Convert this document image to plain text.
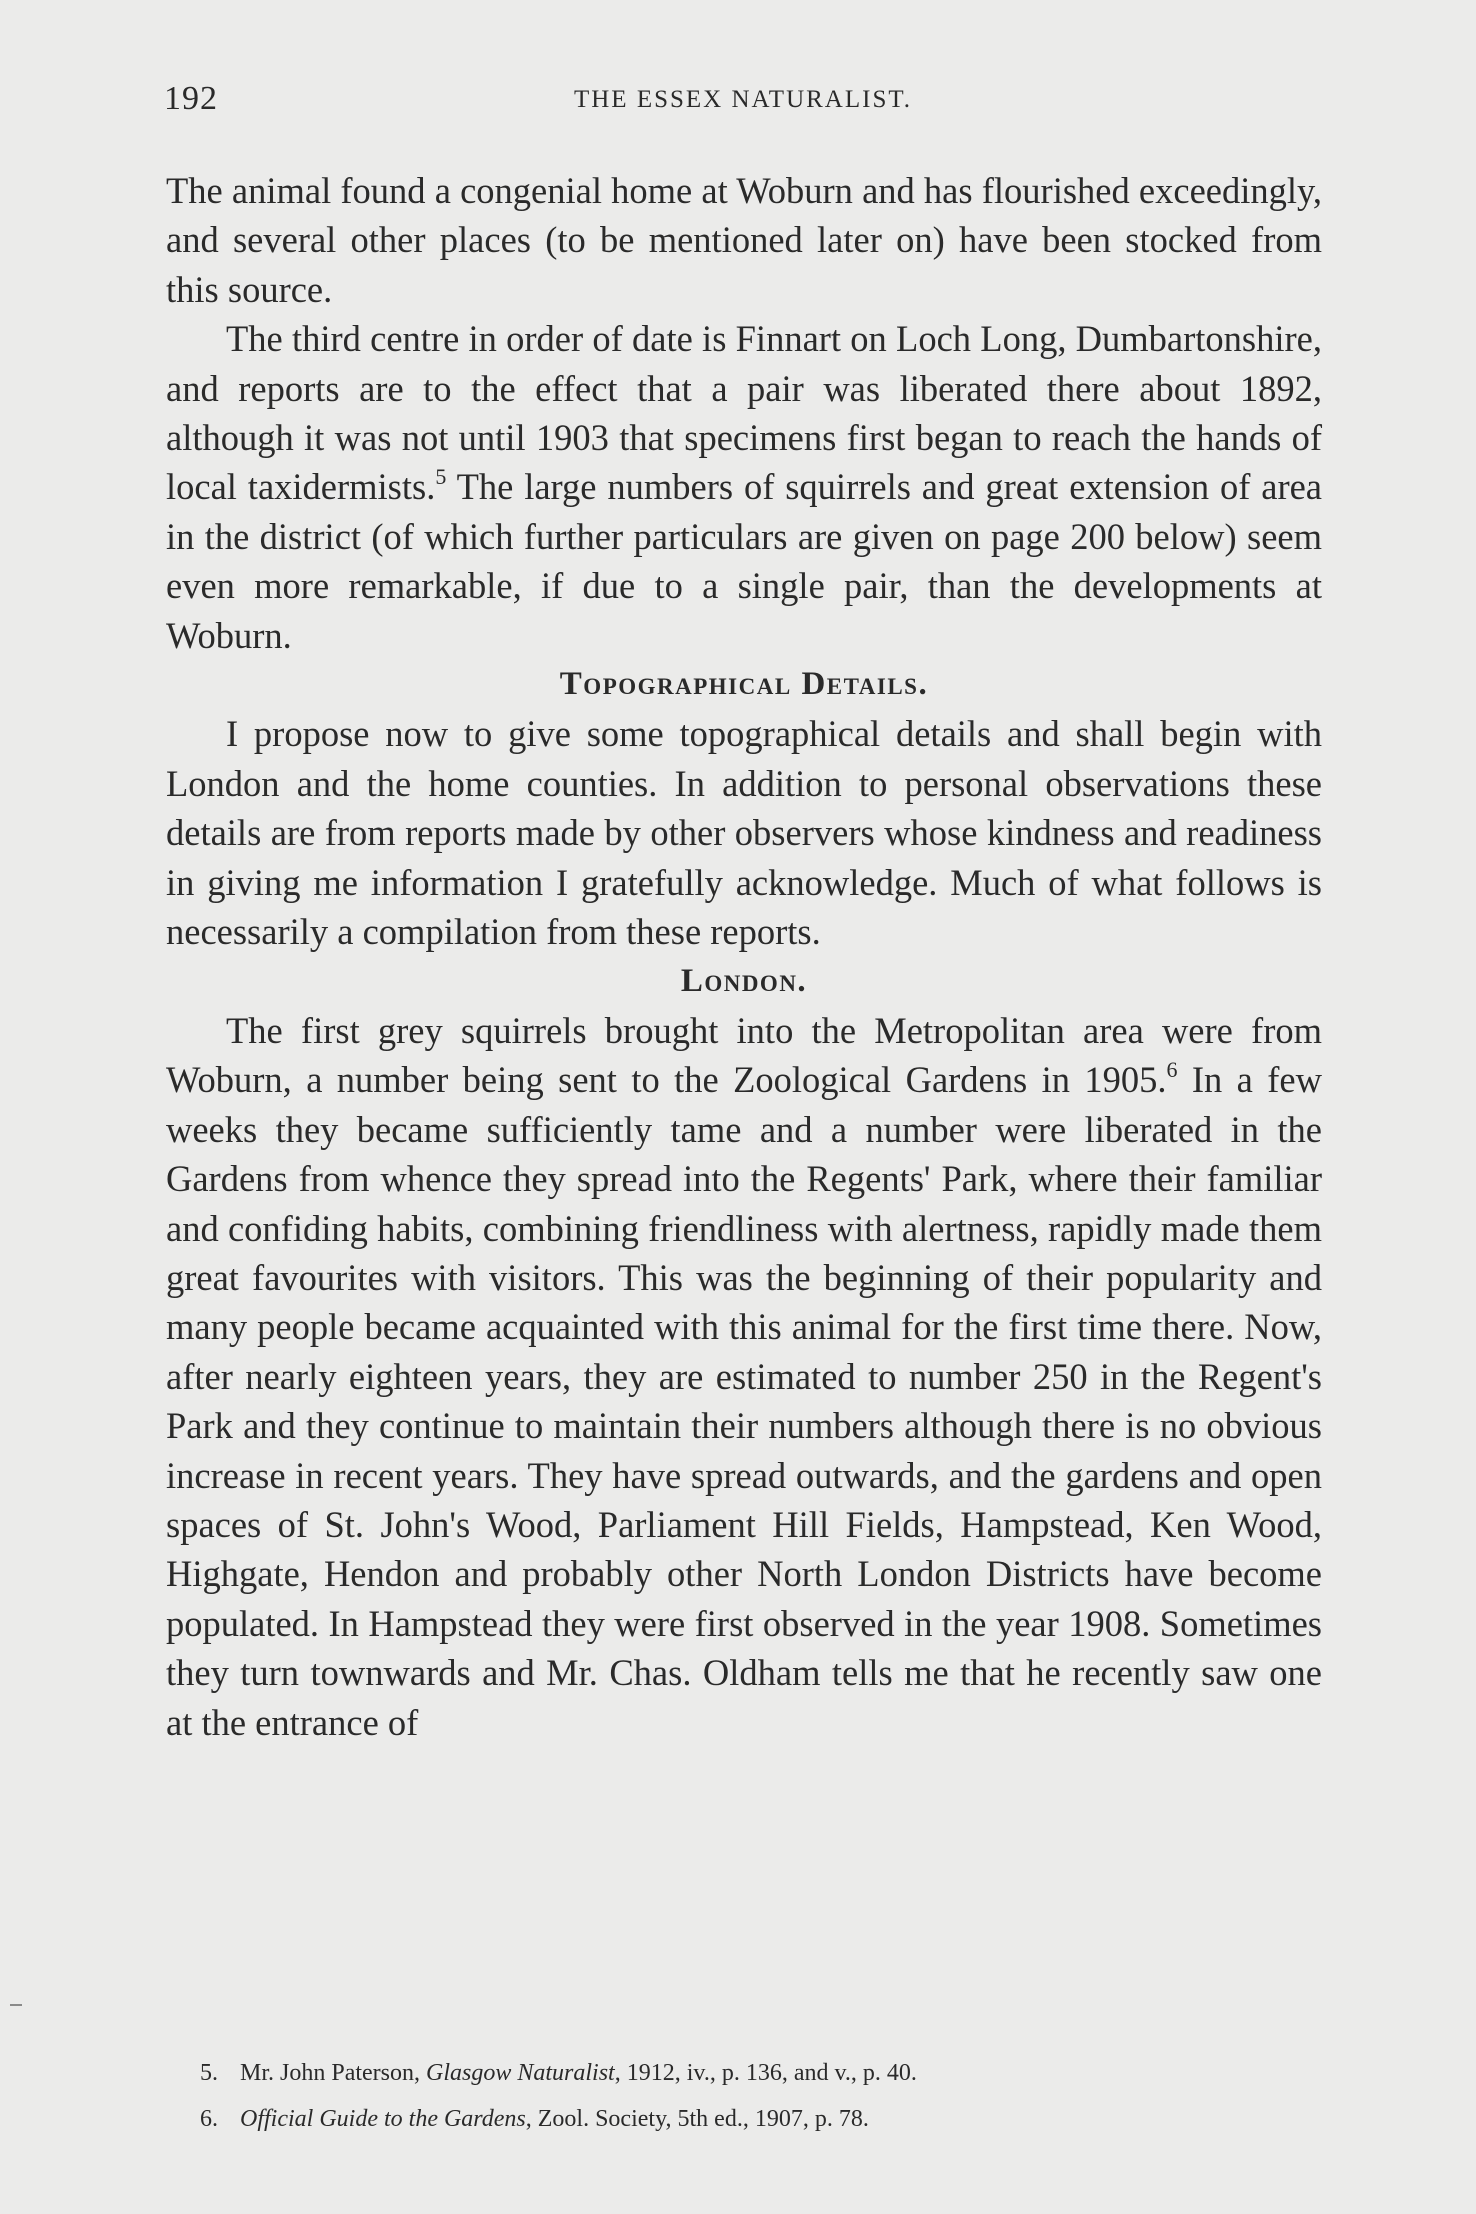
192	THE ESSEX NATURALIST.

The animal found a congenial home at Woburn and has flourished exceedingly, and several other places (to be mentioned later on) have been stocked from this source.

The third centre in order of date is Finnart on Loch Long, Dumbartonshire, and reports are to the effect that a pair was liberated there about 1892, although it was not until 1903 that specimens first began to reach the hands of local taxidermists.$^5$ The large numbers of squirrels and great extension of area in the district (of which further particulars are given on page 200 below) seem even more remarkable, if due to a single pair, than the developments at Woburn.

Topographical Details.

I propose now to give some topographical details and shall begin with London and the home counties. In addition to personal observations these details are from reports made by other observers whose kindness and readiness in giving me information I gratefully acknowledge. Much of what follows is necessarily a compilation from these reports.

London.

The first grey squirrels brought into the Metropolitan area were from Woburn, a number being sent to the Zoological Gardens in 1905.$^6$ In a few weeks they became sufficiently tame and a number were liberated in the Gardens from whence they spread into the Regents' Park, where their familiar and confiding habits, combining friendliness with alertness, rapidly made them great favourites with visitors. This was the beginning of their popularity and many people became acquainted with this animal for the first time there. Now, after nearly eighteen years, they are estimated to number 250 in the Regent's Park and they continue to maintain their numbers although there is no obvious increase in recent years. They have spread outwards, and the gardens and open spaces of St. John's Wood, Parliament Hill Fields, Hampstead, Ken Wood, Highgate, Hendon and probably other North London Districts have become populated. In Hampstead they were first observed in the year 1908. Sometimes they turn townwards and Mr. Chas. Oldham tells me that he recently saw one at the entrance of

5. Mr. John Paterson, Glasgow Naturalist, 1912, iv., p. 136, and v., p. 40.
6. Official Guide to the Gardens, Zool. Society, 5th ed., 1907, p. 78.
